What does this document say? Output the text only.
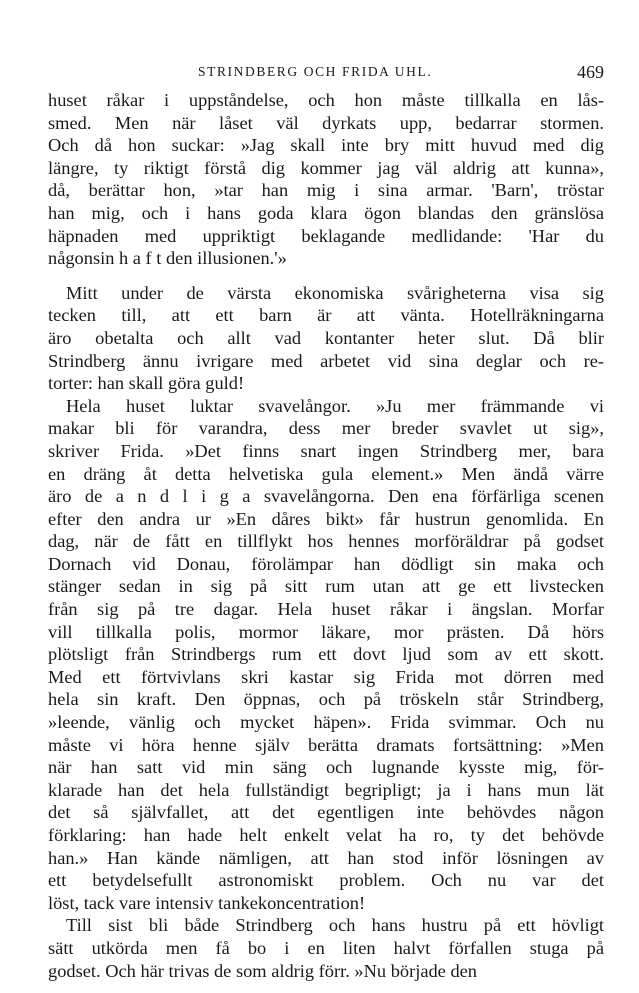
STRINDBERG OCH FRIDA UHL.	469
huset råkar i uppståndelse, och hon måste tillkalla en lås-
smed. Men när låset väl dyrkats upp, bedarrar stormen.
Och då hon suckar: »Jag skall inte bry mitt huvud med dig
längre, ty riktigt förstå dig kommer jag väl aldrig att kunna»,
då, berättar hon, »tar han mig i sina armar. 'Barn', tröstar
han mig, och i hans goda klara ögon blandas den gränslösa
häpnaden med uppriktigt beklagande medlidande: 'Har du
någonsin h a f t den illusionen.'»
Mitt under de värsta ekonomiska svårigheterna visa sig
tecken till, att ett barn är att vänta. Hotellräkningarna
äro obetalta och allt vad kontanter heter slut. Då blir
Strindberg ännu ivrigare med arbetet vid sina deglar och re-
torter: han skall göra guld!
Hela huset luktar svavelångor. »Ju mer främmande vi
makar bli för varandra, dess mer breder svavlet ut sig»,
skriver Frida. »Det finns snart ingen Strindberg mer, bara
en dräng åt detta helvetiska gula element.» Men ändå värre
äro de a n d l i g a svavelångorna. Den ena förfärliga scenen
efter den andra ur »En dåres bikt» får hustrun genomlida. En
dag, när de fått en tillflykt hos hennes morföräldrar på godset
Dornach vid Donau, förolämpar han dödligt sin maka och
stänger sedan in sig på sitt rum utan att ge ett livstecken
från sig på tre dagar. Hela huset råkar i ängslan. Morfar
vill tillkalla polis, mormor läkare, mor prästen. Då hörs
plötsligt från Strindbergs rum ett dovt ljud som av ett skott.
Med ett förtvivlans skri kastar sig Frida mot dörren med
hela sin kraft. Den öppnas, och på tröskeln står Strindberg,
»leende, vänlig och mycket häpen». Frida svimmar. Och nu
måste vi höra henne själv berätta dramats fortsättning: »Men
när han satt vid min säng och lugnande kysste mig, för-
klarade han det hela fullständigt begripligt; ja i hans mun lät
det så självfallet, att det egentligen inte behövdes någon
förklaring: han hade helt enkelt velat ha ro, ty det behövde
han.» Han kände nämligen, att han stod inför lösningen av
ett betydelsefullt astronomiskt problem. Och nu var det
löst, tack vare intensiv tankekoncentration!
Till sist bli både Strindberg och hans hustru på ett hövligt
sätt utkörda men få bo i en liten halvt förfallen stuga på
godset. Och här trivas de som aldrig förr. »Nu började den
